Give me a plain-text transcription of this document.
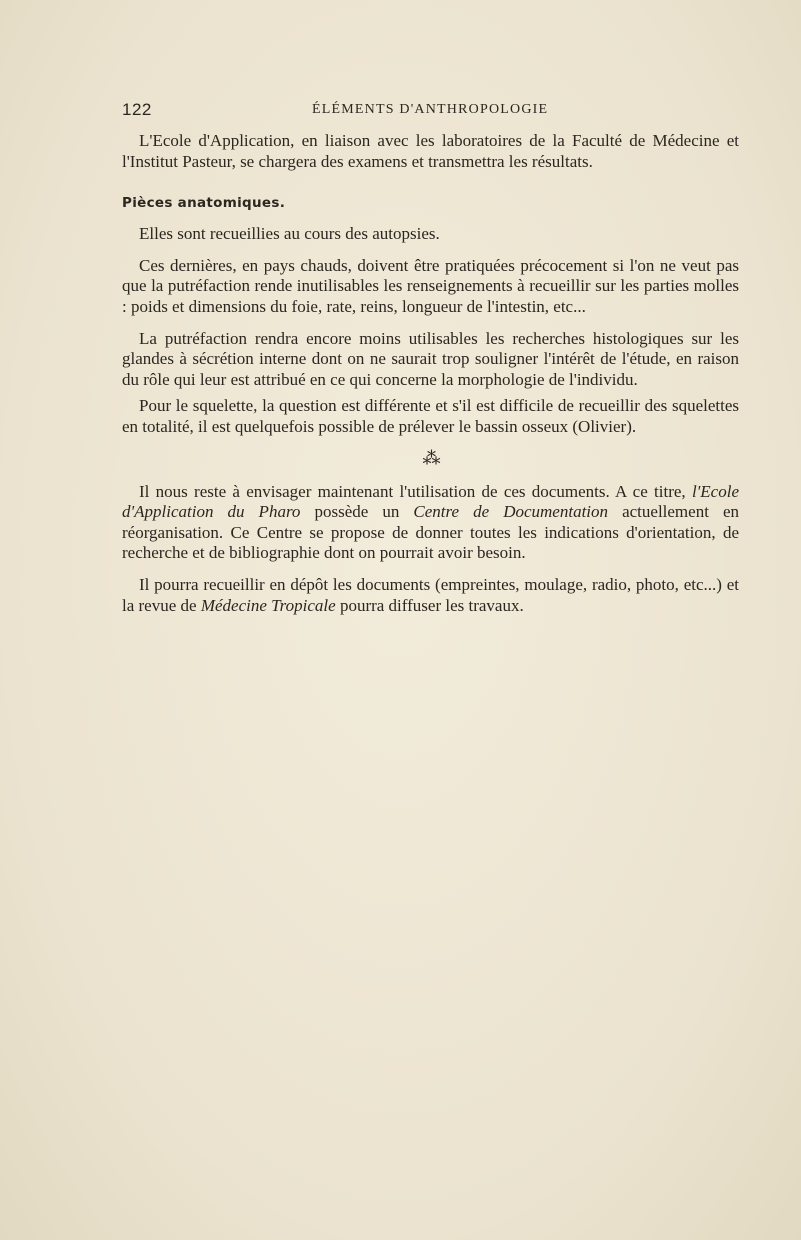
122	ÉLÉMENTS D'ANTHROPOLOGIE

L'Ecole d'Application, en liaison avec les laboratoires de la Faculté de Médecine et l'Institut Pasteur, se chargera des examens et transmettra les résultats.

Pièces anatomiques.

Elles sont recueillies au cours des autopsies.

Ces dernières, en pays chauds, doivent être pratiquées précocement si l'on ne veut pas que la putréfaction rende inutilisables les renseignements à recueillir sur les parties molles : poids et dimensions du foie, rate, reins, longueur de l'intestin, etc...

La putréfaction rendra encore moins utilisables les recherches histologiques sur les glandes à sécrétion interne dont on ne saurait trop souligner l'intérêt de l'étude, en raison du rôle qui leur est attribué en ce qui concerne la morphologie de l'individu.

Pour le squelette, la question est différente et s'il est difficile de recueillir des squelettes en totalité, il est quelquefois possible de prélever le bassin osseux (Olivier).

⁂

Il nous reste à envisager maintenant l'utilisation de ces documents. A ce titre, l'Ecole d'Application du Pharo possède un Centre de Documentation actuellement en réorganisation. Ce Centre se propose de donner toutes les indications d'orientation, de recherche et de bibliographie dont on pourrait avoir besoin.

Il pourra recueillir en dépôt les documents (empreintes, moulage, radio, photo, etc...) et la revue de Médecine Tropicale pourra diffuser les travaux.
